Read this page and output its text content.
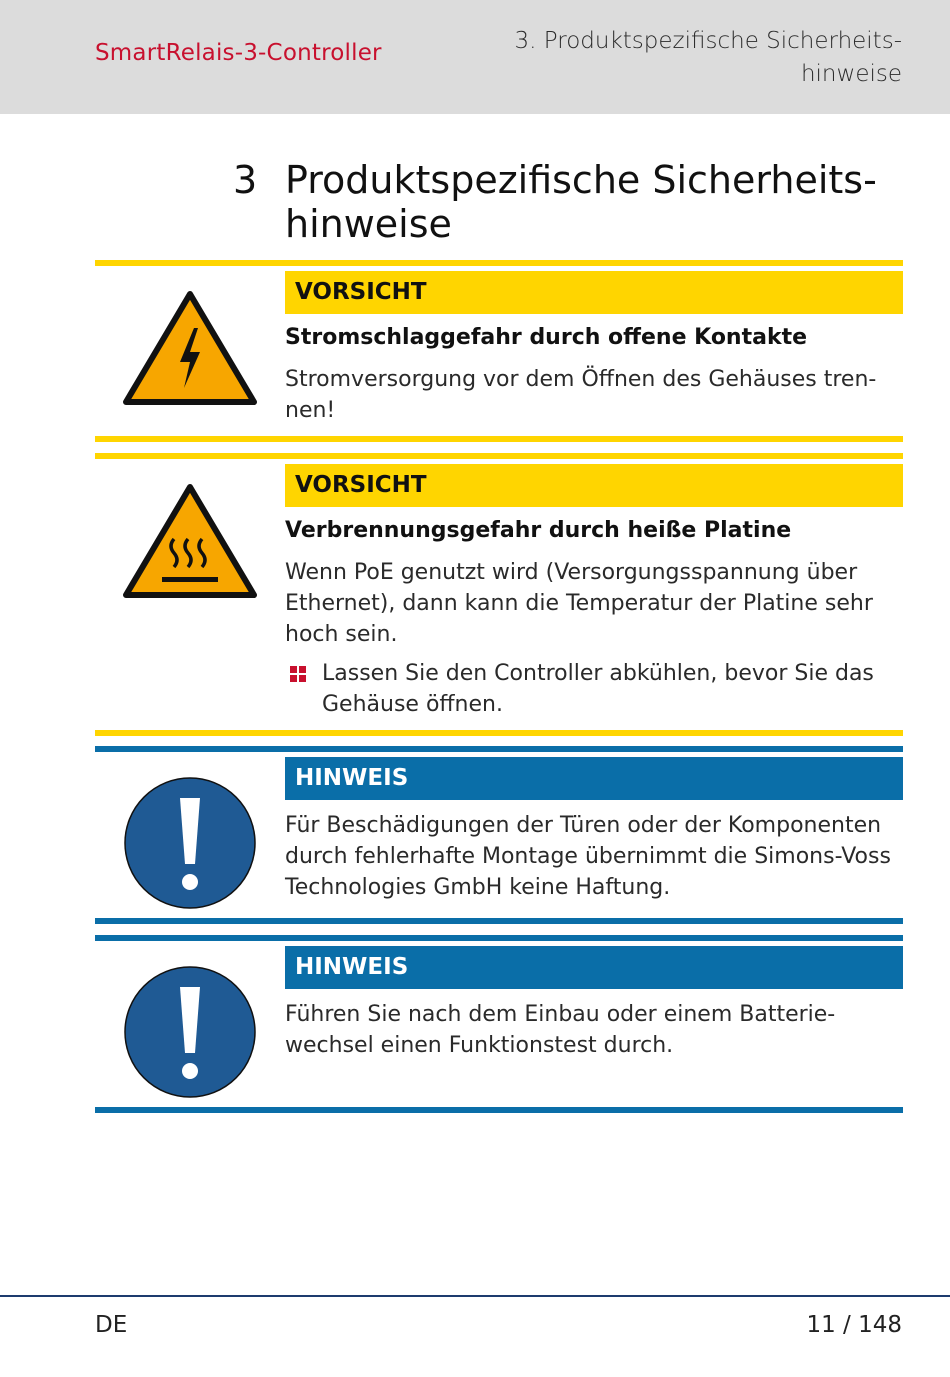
SmartRelais-3-Controller	3. Produktspezifische Sicherheits-hinweise
3 Produktspezifische Sicherheits-hinweise
VORSICHT
Stromschlaggefahr durch offene Kontakte
Stromversorgung vor dem Öffnen des Gehäuses tren-nen!
VORSICHT
Verbrennungsgefahr durch heiße Platine
Wenn PoE genutzt wird (Versorgungsspannung über Ethernet), dann kann die Temperatur der Platine sehr hoch sein.
Lassen Sie den Controller abkühlen, bevor Sie das Gehäuse öffnen.
HINWEIS
Für Beschädigungen der Türen oder der Komponenten durch fehlerhafte Montage übernimmt die Simons-Voss Technologies GmbH keine Haftung.
HINWEIS
Führen Sie nach dem Einbau oder einem Batterie-wechsel einen Funktionstest durch.
DE	11 / 148
